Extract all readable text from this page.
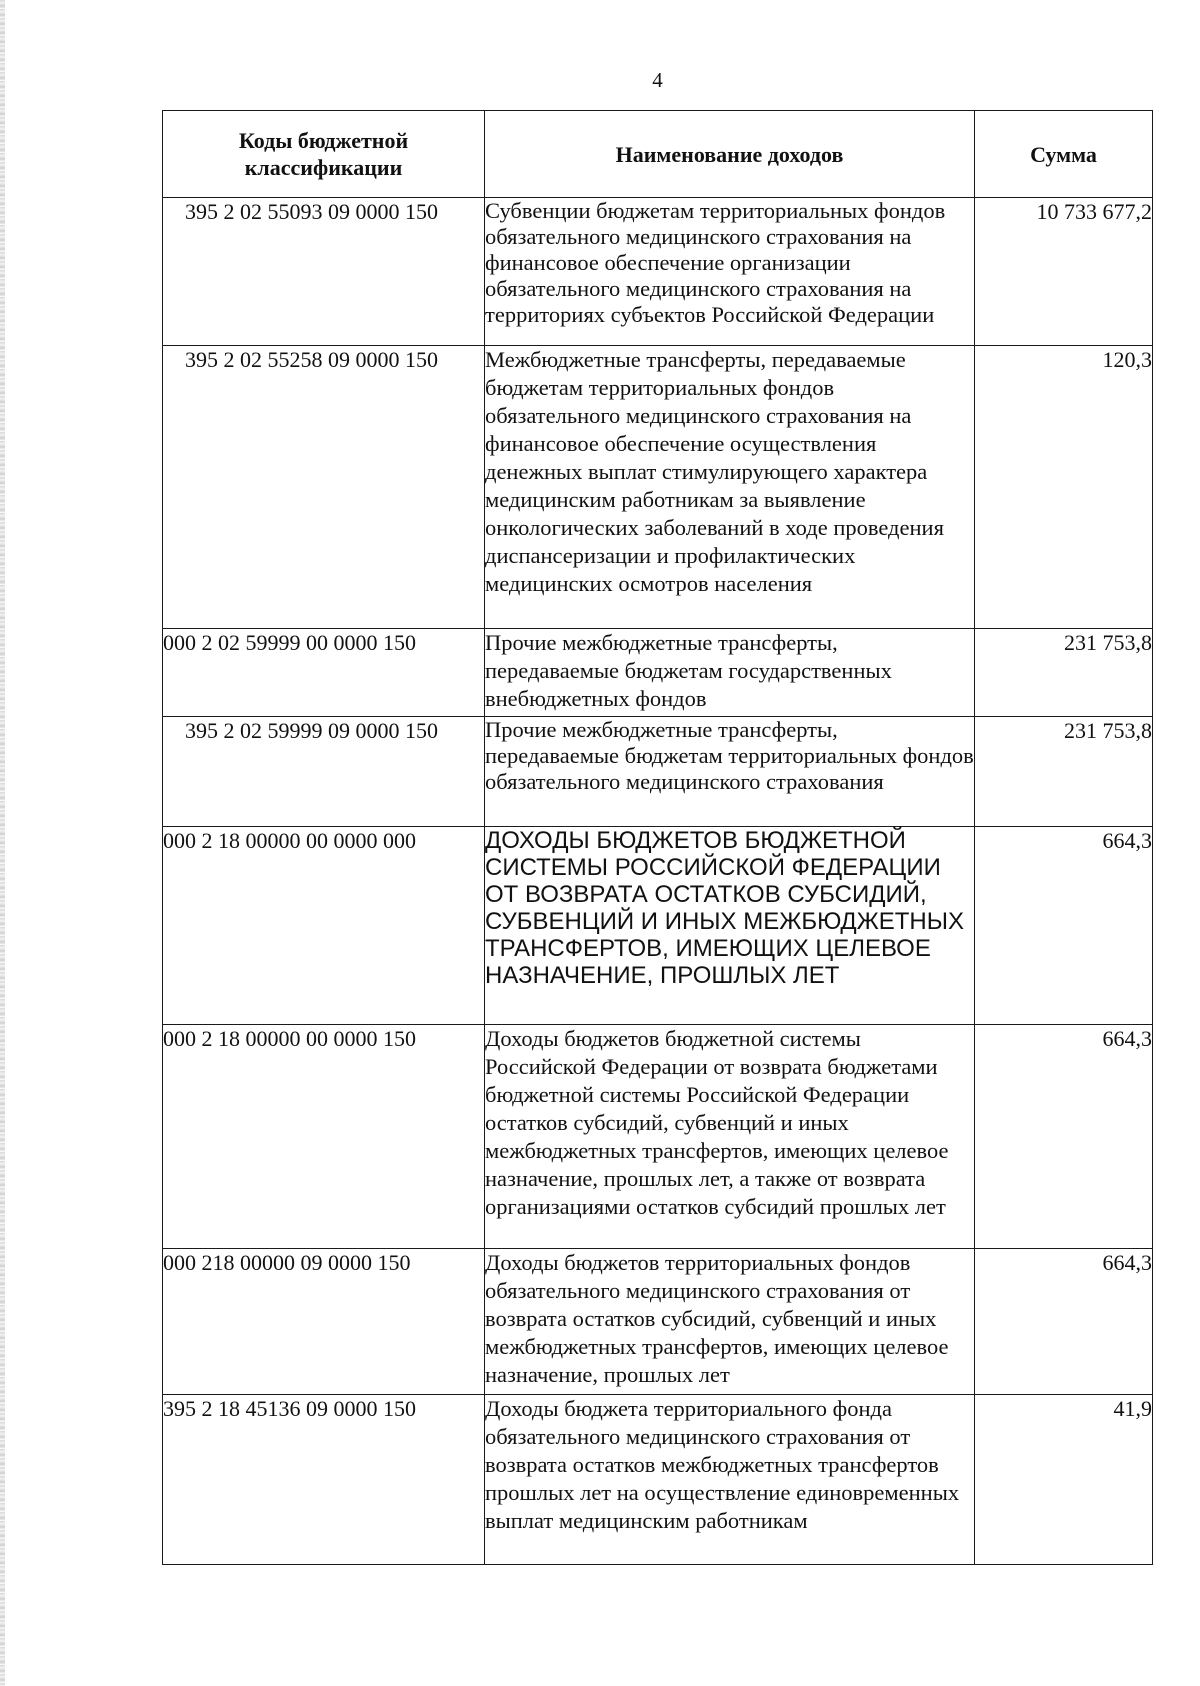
4
Коды бюджетной классификации	Наименование доходов	Сумма
395 2 02 55093 09 0000 150	Субвенции бюджетам территориальных фондов обязательного медицинского страхования на финансовое обеспечение организации обязательного медицинского страхования на территориях субъектов Российской Федерации	10 733 677,2
395 2 02 55258 09 0000 150	Межбюджетные трансферты, передаваемые бюджетам территориальных фондов обязательного медицинского страхования на финансовое обеспечение осуществления денежных выплат стимулирующего характера медицинским работникам за выявление онкологических заболеваний в ходе проведения диспансеризации и профилактических медицинских осмотров населения	120,3
000 2 02 59999 00 0000 150	Прочие межбюджетные трансферты, передаваемые бюджетам государственных внебюджетных фондов	231 753,8
395 2 02 59999 09 0000 150	Прочие межбюджетные трансферты, передаваемые бюджетам территориальных фондов обязательного медицинского страхования	231 753,8
000 2 18 00000 00 0000 000	ДОХОДЫ БЮДЖЕТОВ БЮДЖЕТНОЙ СИСТЕМЫ РОССИЙСКОЙ ФЕДЕРАЦИИ ОТ ВОЗВРАТА ОСТАТКОВ СУБСИДИЙ, СУБВЕНЦИЙ И ИНЫХ МЕЖБЮДЖЕТНЫХ ТРАНСФЕРТОВ, ИМЕЮЩИХ ЦЕЛЕВОЕ НАЗНАЧЕНИЕ, ПРОШЛЫХ ЛЕТ	664,3
000 2 18 00000 00 0000 150	Доходы бюджетов бюджетной системы Российской Федерации от возврата бюджетами бюджетной системы Российской Федерации остатков субсидий, субвенций и иных межбюджетных трансфертов, имеющих целевое назначение, прошлых лет, а также от возврата организациями остатков субсидий прошлых лет	664,3
000 218 00000 09 0000 150	Доходы бюджетов территориальных фондов обязательного медицинского страхования от возврата остатков субсидий, субвенций и иных межбюджетных трансфертов, имеющих целевое назначение, прошлых лет	664,3
395 2 18 45136 09 0000 150	Доходы бюджета территориального фонда обязательного медицинского страхования от возврата остатков межбюджетных трансфертов прошлых лет на осуществление единовременных выплат медицинским работникам	41,9
